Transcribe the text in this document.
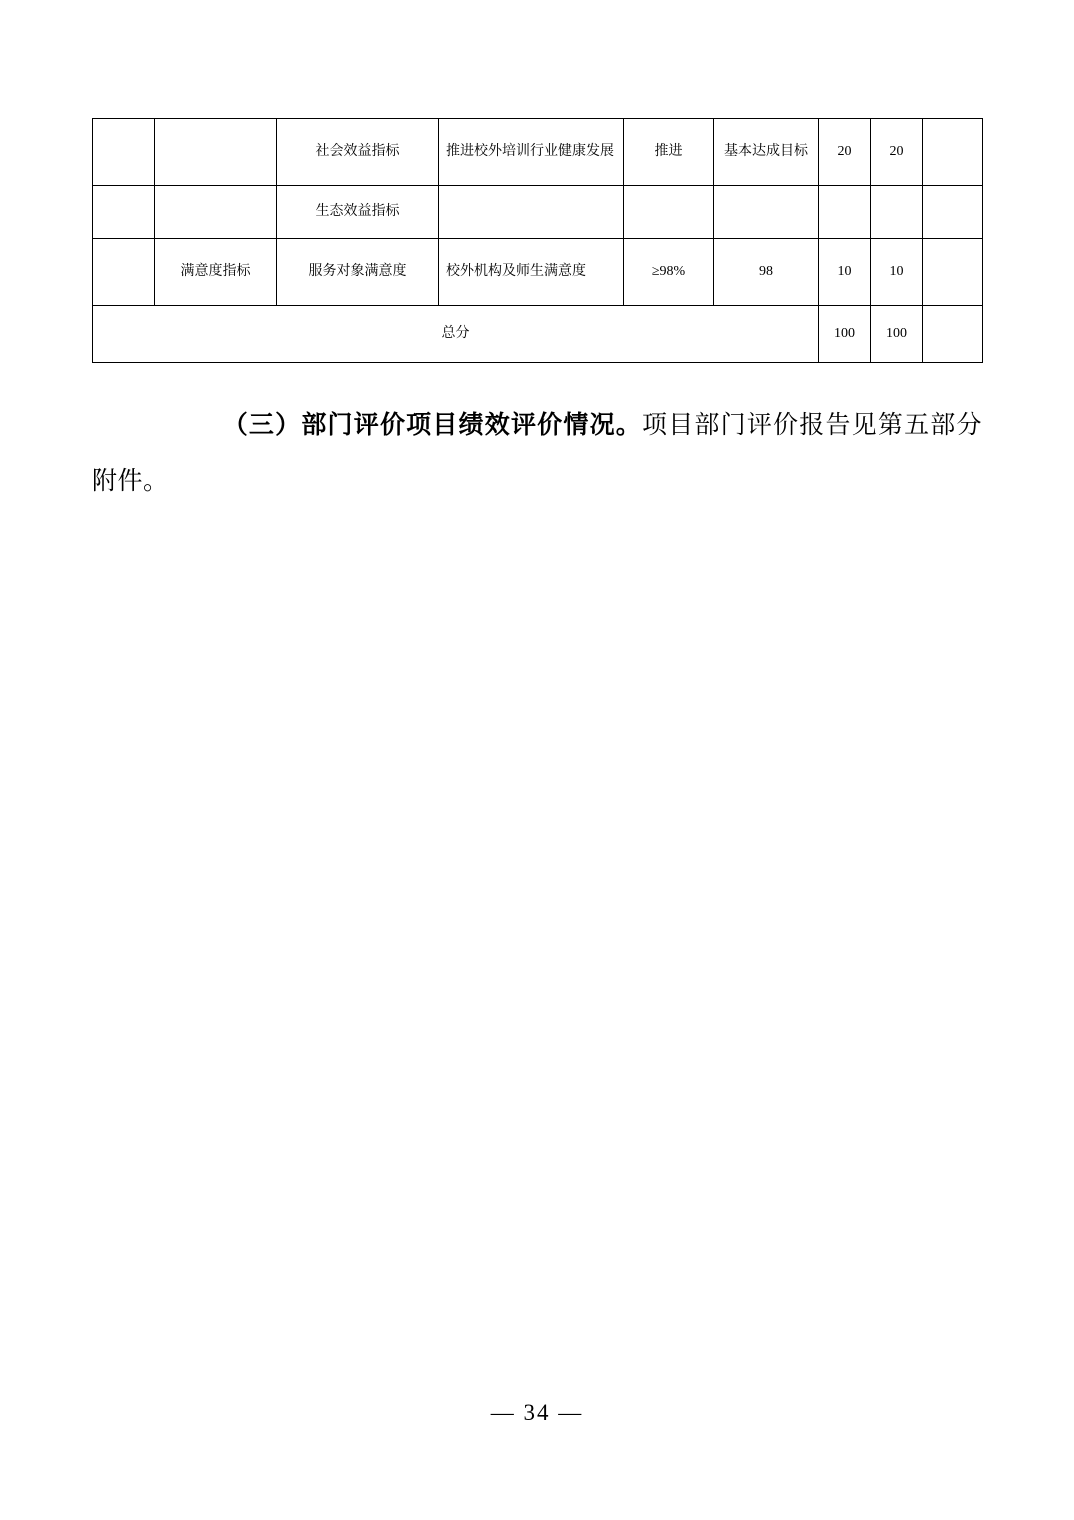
		社会效益指标	推进校外培训行业健康发展	推进	基本达成目标	20	20	
		生态效益指标						
	满意度指标	服务对象满意度	校外机构及师生满意度	≥98%	98	10	10	
总分						100	100	
（三）部门评价项目绩效评价情况。项目部门评价报告见第五部分附件。
— 34 —
